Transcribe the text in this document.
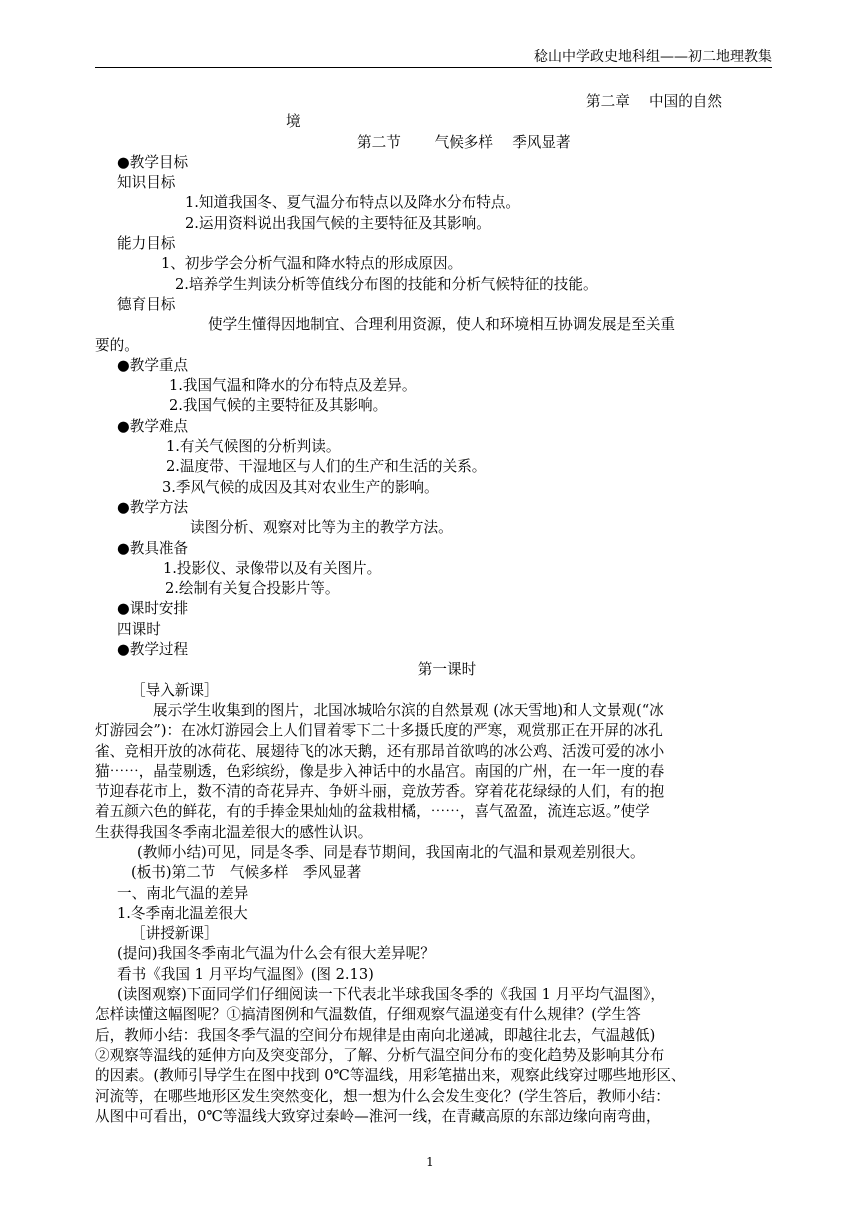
稔山中学政史地科组——初二地理教集

第二章　 中国的自然

境

第二节　　 气候多样　 季风显著

●教学目标

知识目标

1.知道我国冬、夏气温分布特点以及降水分布特点。

2.运用资料说出我国气候的主要特征及其影响。

能力目标

1、初步学会分析气温和降水特点的形成原因。

2.培养学生判读分析等值线分布图的技能和分析气候特征的技能。

德育目标

使学生懂得因地制宜、合理利用资源，使人和环境相互协调发展是至关重

要的。

●教学重点

1.我国气温和降水的分布特点及差异。

2.我国气候的主要特征及其影响。

●教学难点

1.有关气候图的分析判读。

2.温度带、干湿地区与人们的生产和生活的关系。

3.季风气候的成因及其对农业生产的影响。

●教学方法

读图分析、观察对比等为主的教学方法。

●教具准备

1.投影仪、录像带以及有关图片。

2.绘制有关复合投影片等。

●课时安排

四课时

●教学过程

第一课时

［导入新课］

展示学生收集到的图片，北国冰城哈尔滨的自然景观 (冰天雪地)和人文景观(“冰

灯游园会”)：在冰灯游园会上人们冒着零下二十多摄氏度的严寒，观赏那正在开屏的冰孔

雀、竞相开放的冰荷花、展翅待飞的冰天鹅，还有那昂首欲鸣的冰公鸡、活泼可爱的冰小

猫⋯⋯，晶莹剔透，色彩缤纷，像是步入神话中的水晶宫。南国的广州，在一年一度的春

节迎春花市上，数不清的奇花异卉、争妍斗丽，竞放芳香。穿着花花绿绿的人们，有的抱

着五颜六色的鲜花，有的手捧金果灿灿的盆栽柑橘，⋯⋯，喜气盈盈，流连忘返。”使学

生获得我国冬季南北温差很大的感性认识。

(教师小结)可见，同是冬季、同是春节期间，我国南北的气温和景观差别很大。

(板书)第二节　气候多样　季风显著

一、南北气温的差异

1.冬季南北温差很大

［讲授新课］

(提问)我国冬季南北气温为什么会有很大差异呢？

看书《我国 1 月平均气温图》(图 2.13)

(读图观察)下面同学们仔细阅读一下代表北半球我国冬季的《我国 1 月平均气温图》，

怎样读懂这幅图呢？①搞清图例和气温数值，仔细观察气温递变有什么规律？(学生答

后，教师小结：我国冬季气温的空间分布规律是由南向北递减，即越往北去，气温越低)

②观察等温线的延伸方向及突变部分，了解、分析气温空间分布的变化趋势及影响其分布

的因素。(教师引导学生在图中找到 0℃等温线，用彩笔描出来，观察此线穿过哪些地形区、

河流等，在哪些地形区发生突然变化，想一想为什么会发生变化？(学生答后，教师小结：

从图中可看出，0℃等温线大致穿过秦岭—淮河一线，在青藏高原的东部边缘向南弯曲，

1
